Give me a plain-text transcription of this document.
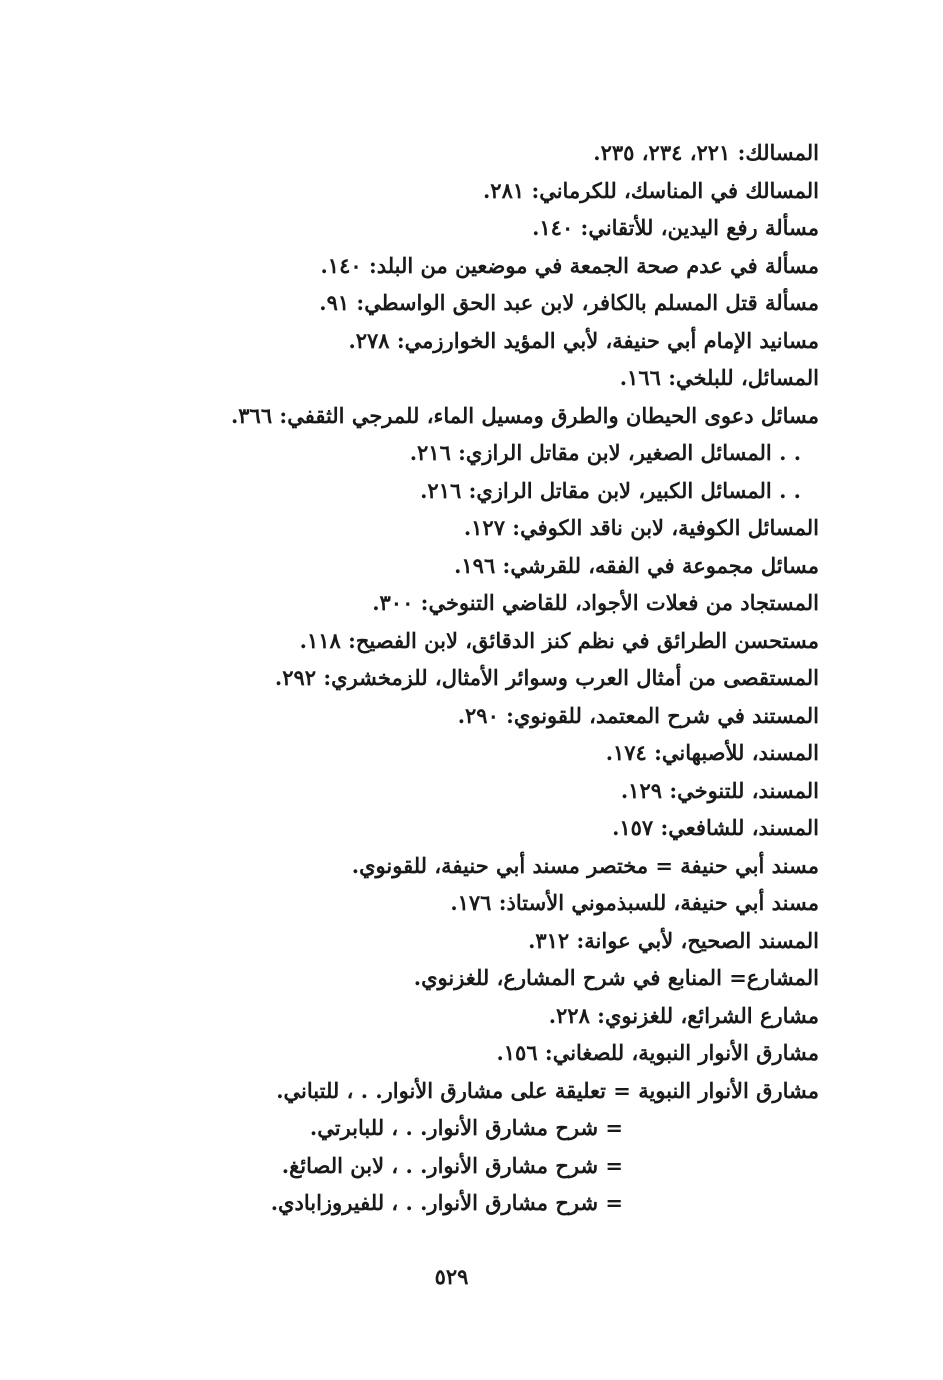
المسالك: ٢٢١، ٢٣٤، ٢٣٥.
المسالك في المناسك، للكرماني: ٢٨١.
مسألة رفع اليدين، للأتقاني: ١٤٠.
مسألة في عدم صحة الجمعة في موضعين من البلد: ١٤٠.
مسألة قتل المسلم بالكافر، لابن عبد الحق الواسطي: ٩١.
مسانيد الإمام أبي حنيفة، لأبي المؤيد الخوارزمي: ٢٧٨.
المسائل، للبلخي: ١٦٦.
مسائل دعوى الحيطان والطرق ومسيل الماء، للمرجي الثقفي: ٣٦٦.
. . المسائل الصغير، لابن مقاتل الرازي: ٢١٦.
. . المسائل الكبير، لابن مقاتل الرازي: ٢١٦.
المسائل الكوفية، لابن ناقد الكوفي: ١٢٧.
مسائل مجموعة في الفقه، للقرشي: ١٩٦.
المستجاد من فعلات الأجواد، للقاضي التنوخي: ٣٠٠.
مستحسن الطرائق في نظم كنز الدقائق، لابن الفصيح: ١١٨.
المستقصى من أمثال العرب وسوائر الأمثال، للزمخشري: ٢٩٢.
المستند في شرح المعتمد، للقونوي: ٢٩٠.
المسند، للأصبهاني: ١٧٤.
المسند، للتنوخي: ١٢٩.
المسند، للشافعي: ١٥٧.
مسند أبي حنيفة = مختصر مسند أبي حنيفة، للقونوي.
مسند أبي حنيفة، للسبذموني الأستاذ: ١٧٦.
المسند الصحيح، لأبي عوانة: ٣١٢.
المشارع= المنابع في شرح المشارع، للغزنوي.
مشارع الشرائع، للغزنوي: ٢٢٨.
مشارق الأنوار النبوية، للصغاني: ١٥٦.
مشارق الأنوار النبوية = تعليقة على مشارق الأنوار. . ، للتباني.
= شرح مشارق الأنوار. . ، للبابرتي.
= شرح مشارق الأنوار. . ، لابن الصائغ.
= شرح مشارق الأنوار. . ، للفيروزابادي.
٥٢٩
